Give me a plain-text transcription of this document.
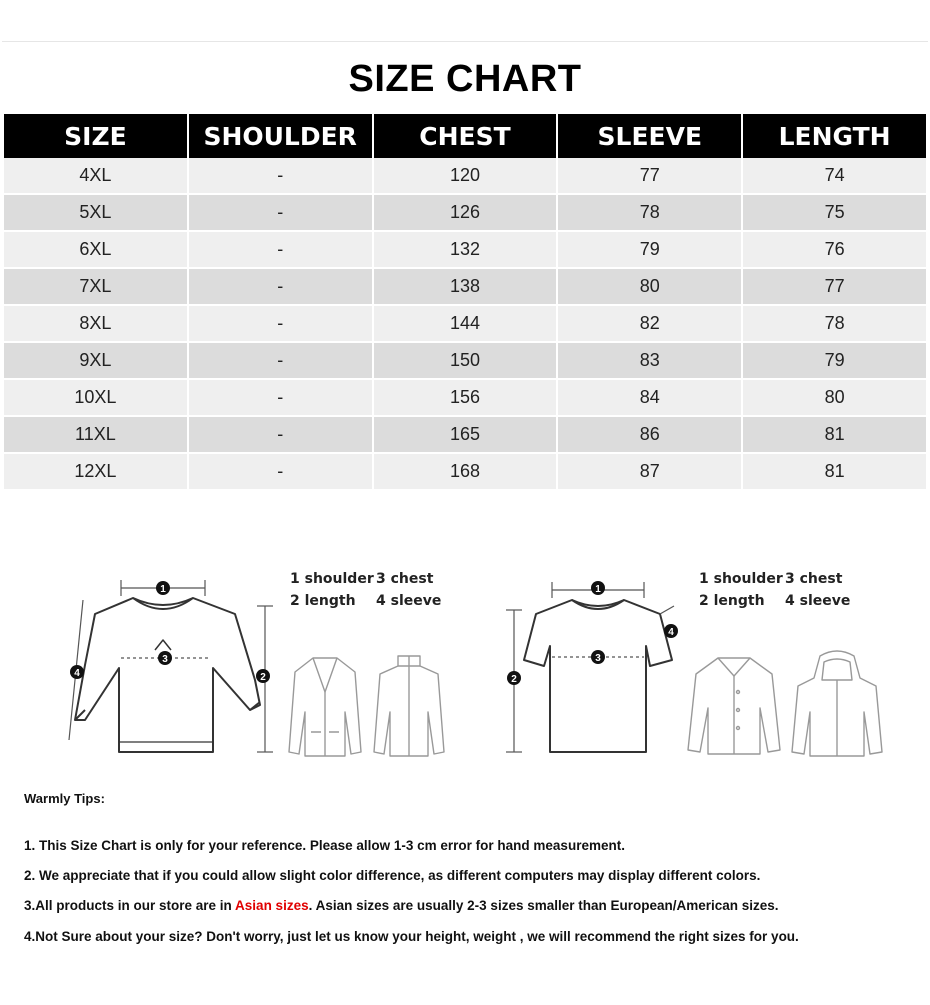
SIZE CHART
SIZE	SHOULDER	CHEST	SLEEVE	LENGTH
4XL	-	120	77	74
5XL	-	126	78	75
6XL	-	132	79	76
7XL	-	138	80	77
8XL	-	144	82	78
9XL	-	150	83	79
10XL	-	156	84	80
11XL	-	165	86	81
12XL	-	168	87	81
1
3
2
4
1 shoulder 3 chest
2 length 4 sleeve
1
3
2
4
1 shoulder 3 chest
2 length 4 sleeve
Warmly Tips:
1. This Size Chart is only for your reference. Please allow 1-3 cm error for hand measurement.
2. We appreciate that if you could allow slight color difference, as different computers may display different colors.
3.All products in our store are in Asian sizes. Asian sizes are usually 2-3 sizes smaller than European/American sizes.
4.Not Sure about your size? Don't worry, just let us know your height, weight , we will recommend the right sizes for you.
